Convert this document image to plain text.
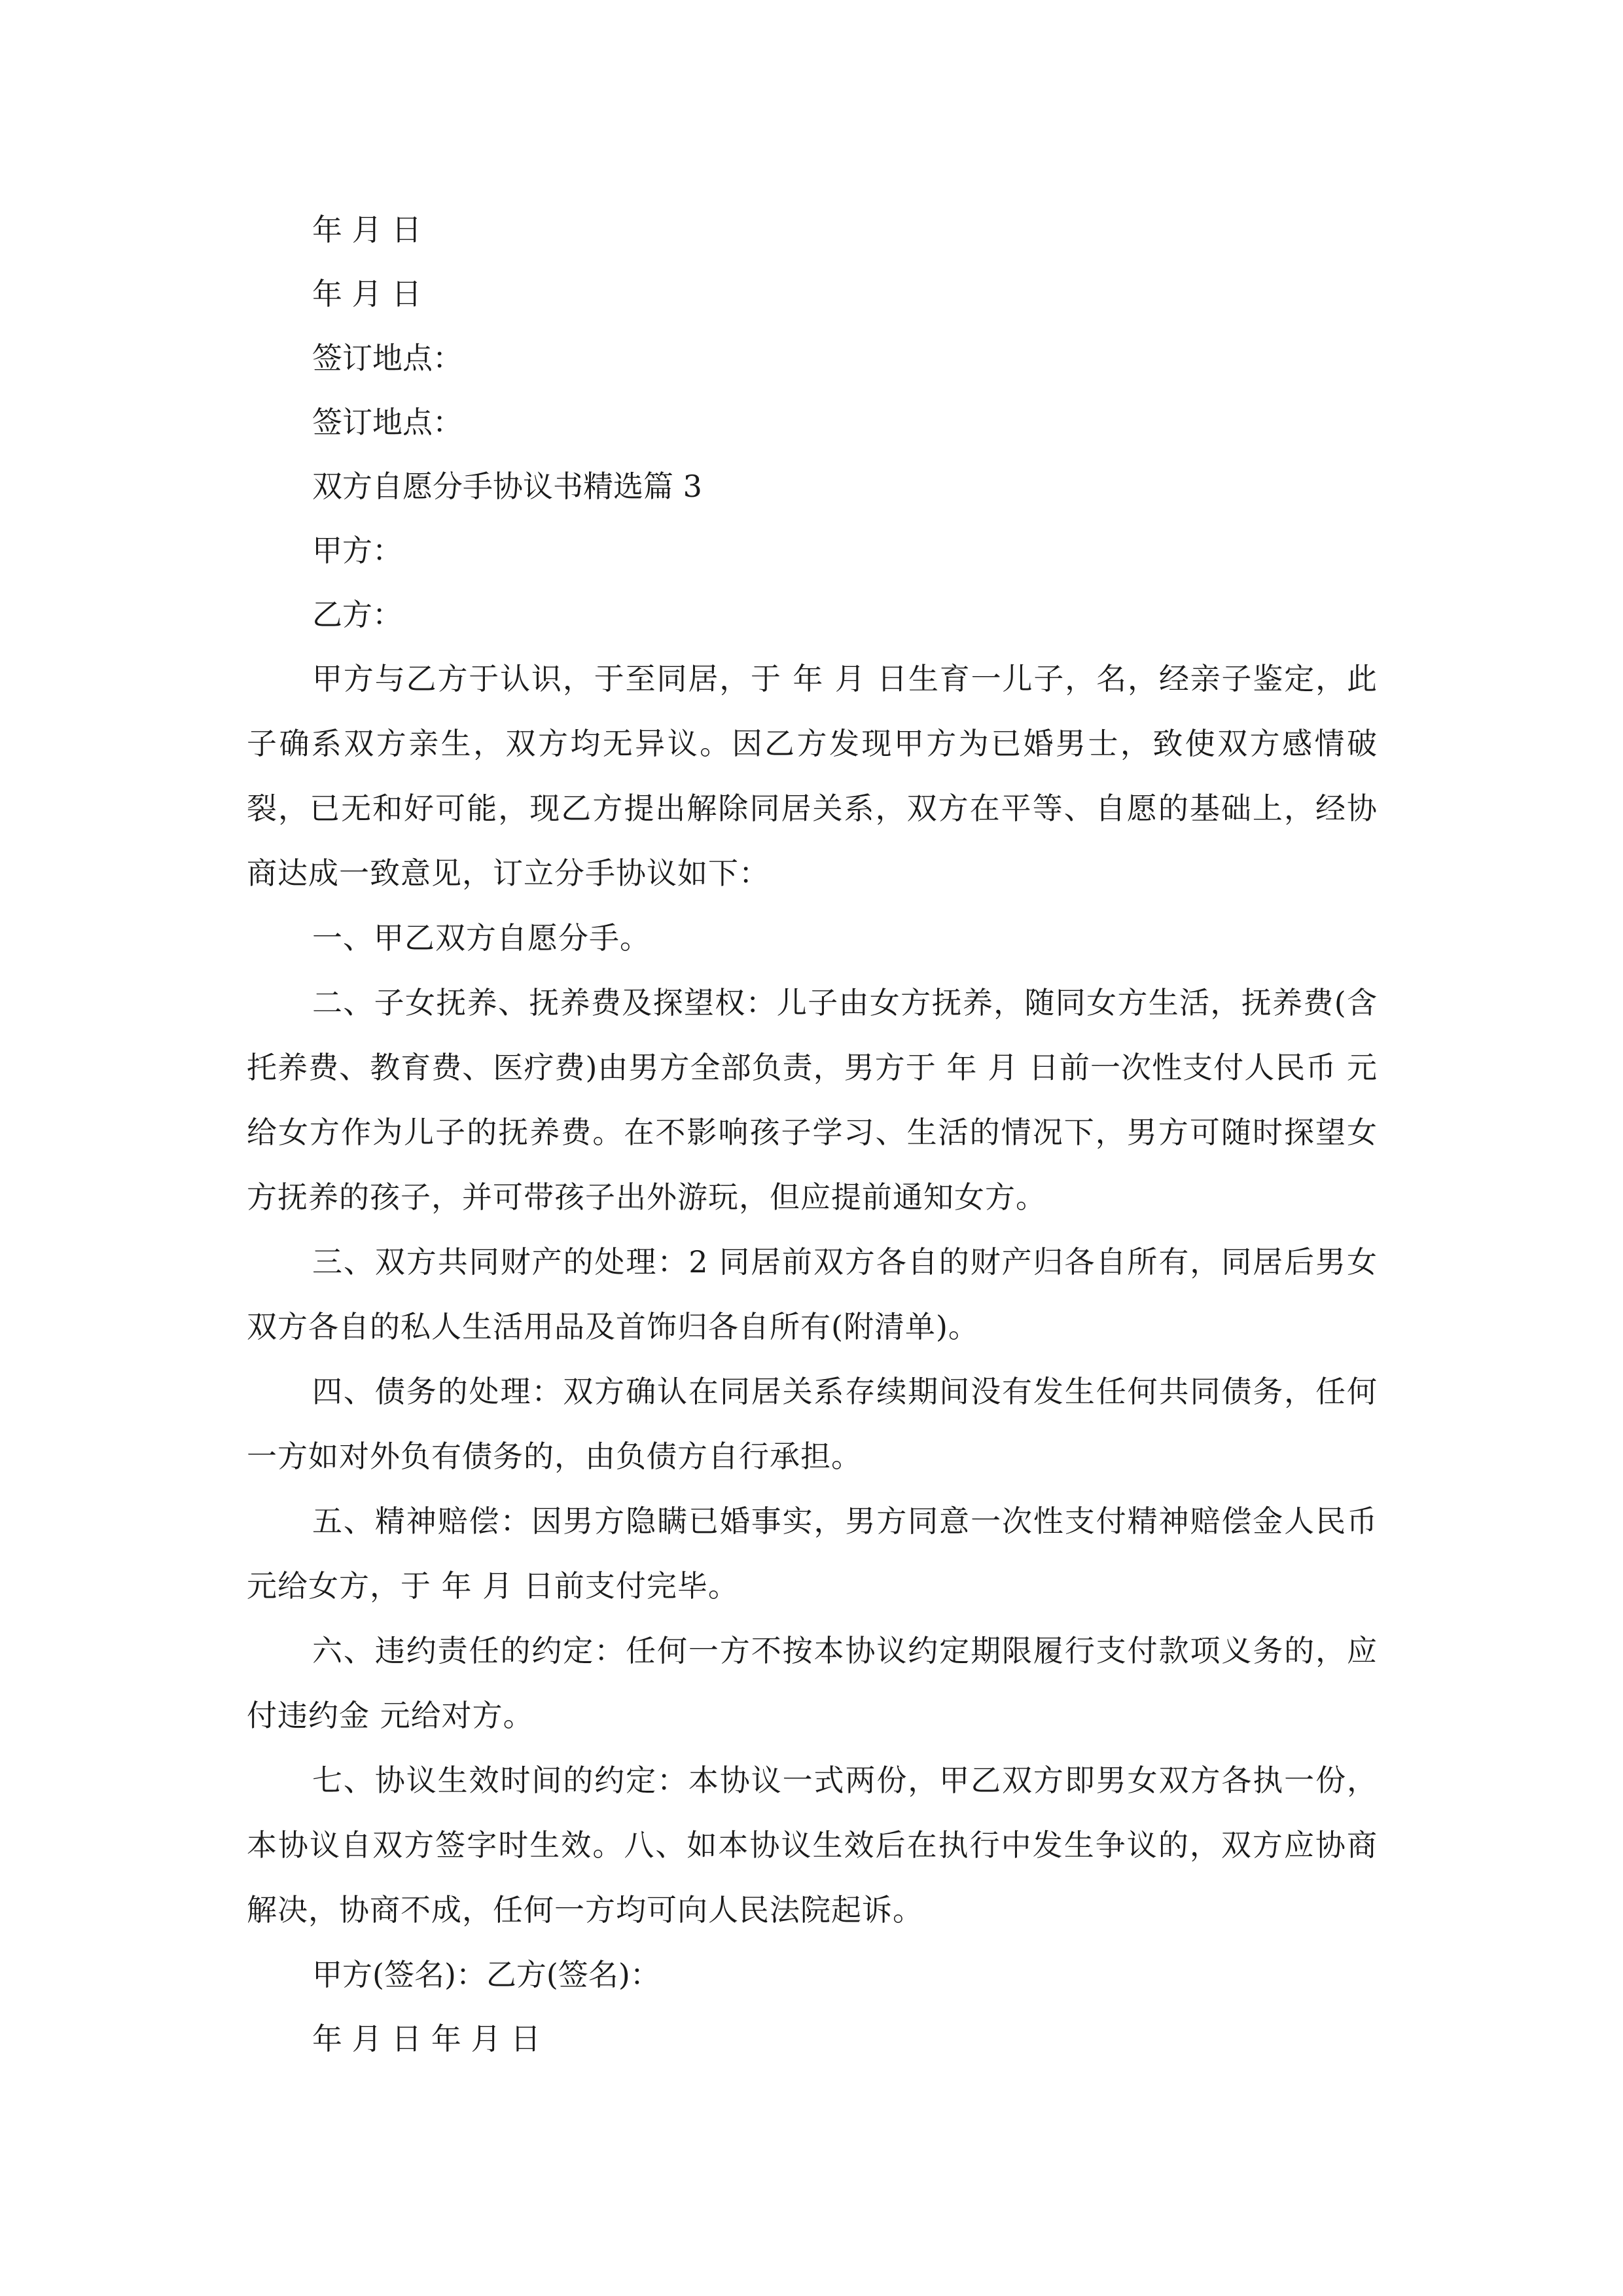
年 月 日
年 月 日
签订地点：
签订地点：
双方自愿分手协议书精选篇 3
甲方：
乙方：

甲方与乙方于认识，于至同居，于 年 月 日生育一儿子，名，经亲子鉴定，此子确系双方亲生，双方均无异议。因乙方发现甲方为已婚男士，致使双方感情破裂，已无和好可能，现乙方提出解除同居关系，双方在平等、自愿的基础上，经协商达成一致意见，订立分手协议如下：

一、甲乙双方自愿分手。

二、子女抚养、抚养费及探望权：儿子由女方抚养，随同女方生活，抚养费(含托养费、教育费、医疗费)由男方全部负责，男方于 年 月 日前一次性支付人民币 元给女方作为儿子的抚养费。在不影响孩子学习、生活的情况下，男方可随时探望女方抚养的孩子，并可带孩子出外游玩，但应提前通知女方。

三、双方共同财产的处理：2 同居前双方各自的财产归各自所有，同居后男女双方各自的私人生活用品及首饰归各自所有(附清单)。

四、债务的处理：双方确认在同居关系存续期间没有发生任何共同债务，任何一方如对外负有债务的，由负债方自行承担。

五、精神赔偿：因男方隐瞒已婚事实，男方同意一次性支付精神赔偿金人民币 元给女方，于 年 月 日前支付完毕。

六、违约责任的约定：任何一方不按本协议约定期限履行支付款项义务的，应付违约金 元给对方。

七、协议生效时间的约定：本协议一式两份，甲乙双方即男女双方各执一份，本协议自双方签字时生效。八、如本协议生效后在执行中发生争议的，双方应协商解决，协商不成，任何一方均可向人民法院起诉。

甲方(签名)：乙方(签名)：
年 月 日 年 月 日
